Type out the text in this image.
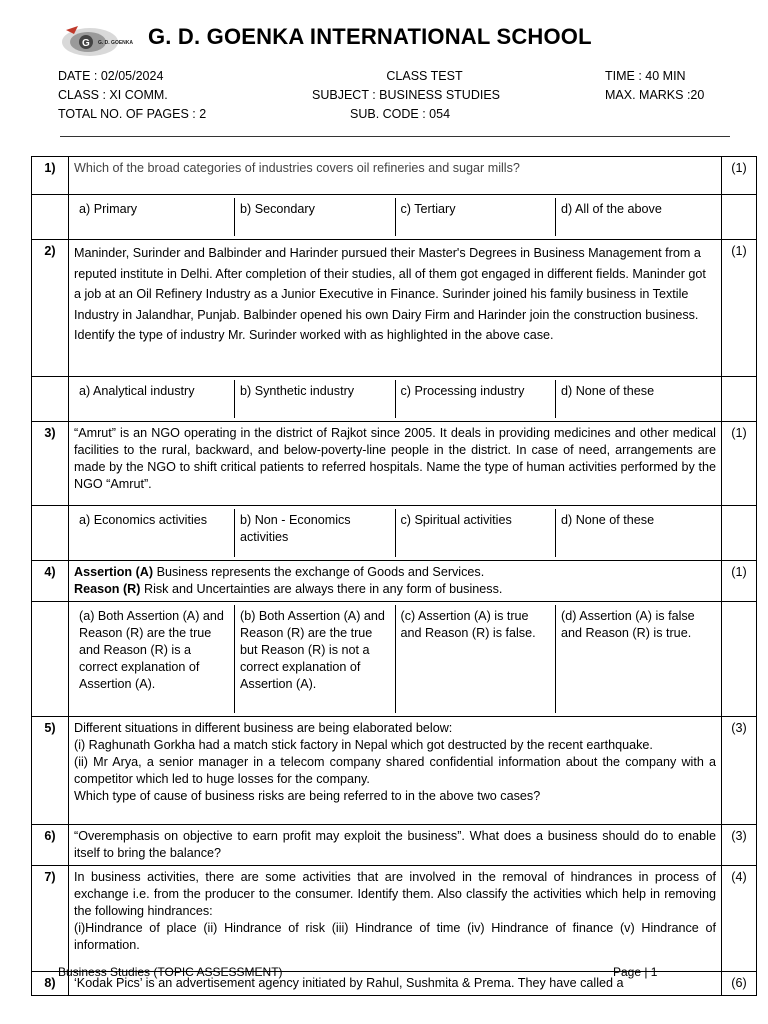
G G. D. GOENKA G. D. GOENKA INTERNATIONAL SCHOOL
DATE : 02/05/2024
CLASS : XI COMM.
TOTAL NO. OF PAGES : 2
CLASS TEST
SUBJECT : BUSINESS STUDIES
SUB. CODE : 054
TIME : 40 MIN
MAX. MARKS :20
1)	Which of the broad categories of industries covers oil refineries and sugar mills?	(1)

a) Primary	b) Secondary	c) Tertiary	d) All of the above

2)	Maninder, Surinder and Balbinder and Harinder pursued their Master's Degrees in Business Management from a reputed institute in Delhi. After completion of their studies, all of them got engaged in different fields. Maninder got a job at an Oil Refinery Industry as a Junior Executive in Finance. Surinder joined his family business in Textile Industry in Jalandhar, Punjab. Balbinder opened his own Dairy Firm and Harinder join the construction business. Identify the type of industry Mr. Surinder worked with as highlighted in the above case.	(1)

a) Analytical industry	b) Synthetic industry	c) Processing industry	d) None of these

3)	“Amrut” is an NGO operating in the district of Rajkot since 2005. It deals in providing medicines and other medical facilities to the rural, backward, and below-poverty-line people in the district. In case of need, arrangements are made by the NGO to shift critical patients to referred hospitals. Name the type of human activities performed by the NGO “Amrut”.	(1)

a) Economics activities	b) Non - Economics activities	c) Spiritual activities	d) None of these

4)	Assertion (A) Business represents the exchange of Goods and Services.
Reason (R) Risk and Uncertainties are always there in any form of business.
	(1)

(a) Both Assertion (A) and Reason (R) are the true and Reason (R) is a correct explanation of Assertion (A).	(b) Both Assertion (A) and Reason (R) are the true but Reason (R) is not a correct explanation of Assertion (A).	(c) Assertion (A) is true and Reason (R) is false.	(d) Assertion (A) is false and Reason (R) is true.

5)	Different situations in different business are being elaborated below:
(i) Raghunath Gorkha had a match stick factory in Nepal which got destructed by the recent earthquake.
(ii) Mr Arya, a senior manager in a telecom company shared confidential information about the company with a competitor which led to huge losses for the company.
Which type of cause of business risks are being referred to in the above two cases?
	(3)
6)	“Overemphasis on objective to earn profit may exploit the business”. What does a business should do to enable itself to bring the balance?	(3)
7)	In business activities, there are some activities that are involved in the removal of hindrances in process of exchange i.e. from the producer to the consumer. Identify them. Also classify the activities which help in removing the following hindrances:
(i)Hindrance of place (ii) Hindrance of risk (iii) Hindrance of time (iv) Hindrance of finance (v) Hindrance of information.
	(4)
8)	‘Kodak Pics’ is an advertisement agency initiated by Rahul, Sushmita & Prema. They have called a	(6)
Business Studies (TOPIC ASSESSMENT)	Page | 1
